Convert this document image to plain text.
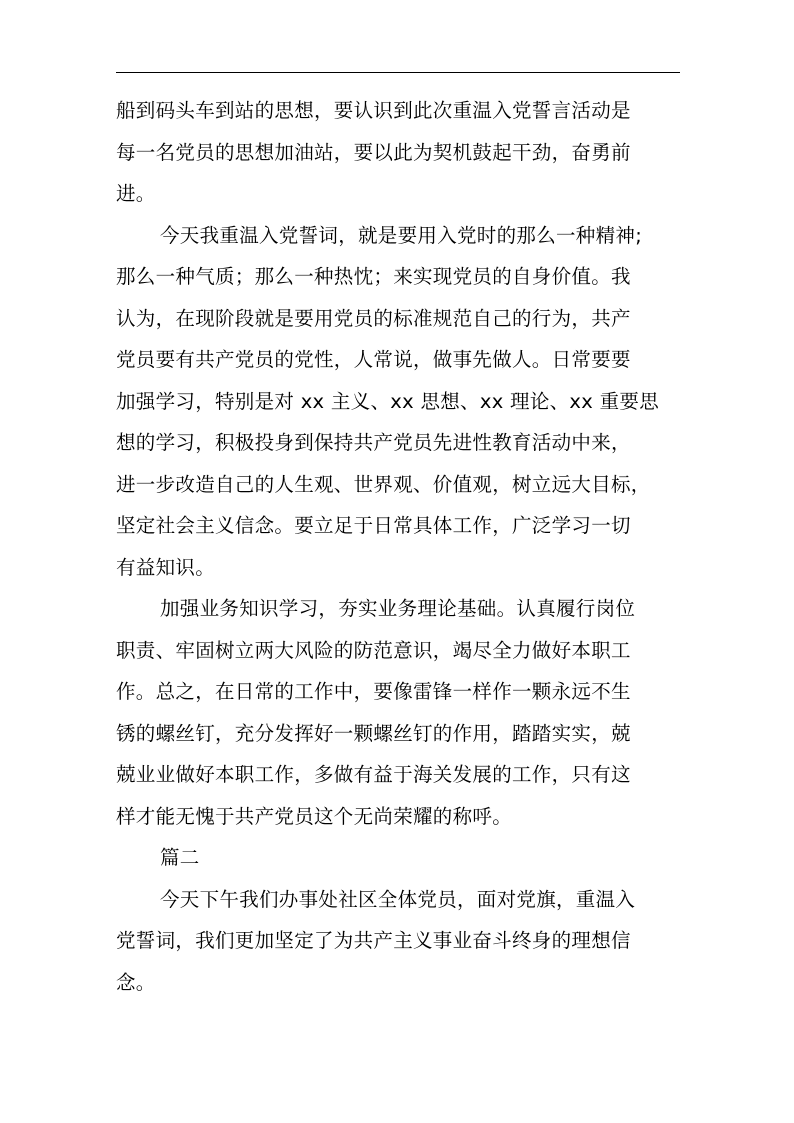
船到码头车到站的思想，要认识到此次重温入党誓言活动是
每一名党员的思想加油站，要以此为契机鼓起干劲，奋勇前
进。
今天我重温入党誓词，就是要用入党时的那么一种精神;
那么一种气质；那么一种热忱；来实现党员的自身价值。我
认为，在现阶段就是要用党员的标准规范自己的行为，共产
党员要有共产党员的党性，人常说，做事先做人。日常要要
加强学习，特别是对 xx 主义、xx 思想、xx 理论、xx 重要思
想的学习，积极投身到保持共产党员先进性教育活动中来，
进一步改造自己的人生观、世界观、价值观，树立远大目标，
坚定社会主义信念。要立足于日常具体工作，广泛学习一切
有益知识。
加强业务知识学习，夯实业务理论基础。认真履行岗位
职责、牢固树立两大风险的防范意识，竭尽全力做好本职工
作。总之，在日常的工作中，要像雷锋一样作一颗永远不生
锈的螺丝钉，充分发挥好一颗螺丝钉的作用，踏踏实实，兢
兢业业做好本职工作，多做有益于海关发展的工作，只有这
样才能无愧于共产党员这个无尚荣耀的称呼。
篇二
今天下午我们办事处社区全体党员，面对党旗，重温入
党誓词，我们更加坚定了为共产主义事业奋斗终身的理想信
念。
